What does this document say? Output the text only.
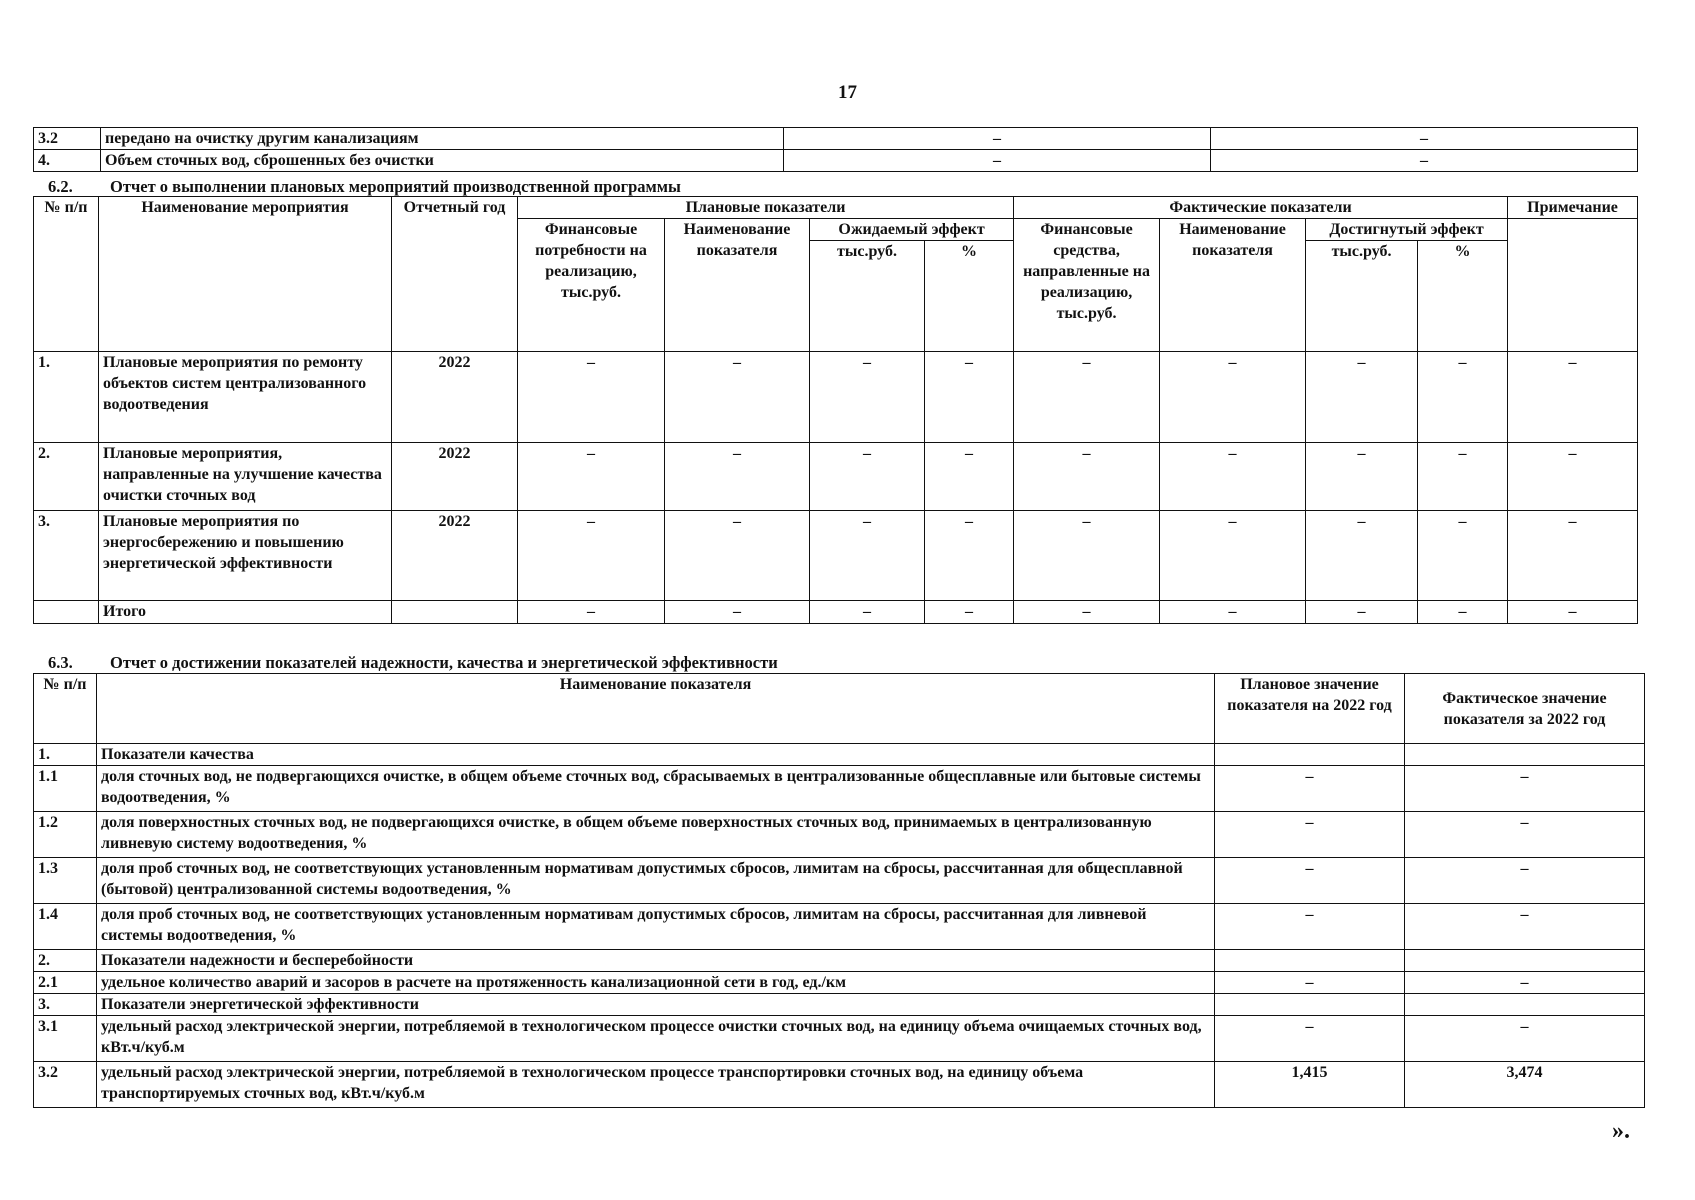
17
3.2	передано на очистку другим канализациям	–	–
4.	Объем сточных вод, сброшенных без очистки	–	–
6.2. Отчет о выполнении плановых мероприятий производственной программы
№ п/п	Наименование мероприятия	Отчетный год	Плановые показатели				Фактические показатели				Примечание
			Финансовые потребности на реализацию, тыс.руб.	Наименование показателя	Ожидаемый эффект		Финансовые средства, направленные на реализацию, тыс.руб.	Наименование показателя	Достигнутый эффект		
					тыс.руб.	%			тыс.руб.	%	
1.	Плановые мероприятия по ремонту объектов систем централизованного водоотведения	2022	–	–	–	–	–	–	–	–	–
2.	Плановые мероприятия, направленные на улучшение качества очистки сточных вод	2022	–	–	–	–	–	–	–	–	–
3.	Плановые мероприятия по энергосбережению и повышению энергетической эффективности	2022	–	–	–	–	–	–	–	–	–
	Итого		–	–	–	–	–	–	–	–	–
6.3. Отчет о достижении показателей надежности, качества и энергетической эффективности
№ п/п	Наименование показателя	Плановое значение показателя на 2022 год	Фактическое значение показателя за 2022 год
1.	Показатели качества		
1.1	доля сточных вод, не подвергающихся очистке, в общем объеме сточных вод, сбрасываемых в централизованные общесплавные или бытовые системы водоотведения, %	–	–
1.2	доля поверхностных сточных вод, не подвергающихся очистке, в общем объеме поверхностных сточных вод, принимаемых в централизованную ливневую систему водоотведения, %	–	–
1.3	доля проб сточных вод, не соответствующих установленным нормативам допустимых сбросов, лимитам на сбросы, рассчитанная для общесплавной (бытовой) централизованной системы водоотведения, %	–	–
1.4	доля проб сточных вод, не соответствующих установленным нормативам допустимых сбросов, лимитам на сбросы, рассчитанная для ливневой системы водоотведения, %	–	–
2.	Показатели надежности и бесперебойности		
2.1	удельное количество аварий и засоров в расчете на протяженность канализационной сети в год, ед./км	–	–
3.	Показатели энергетической эффективности		
3.1	удельный расход электрической энергии, потребляемой в технологическом процессе очистки сточных вод, на единицу объема очищаемых сточных вод, кВт.ч/куб.м	–	–
3.2	удельный расход электрической энергии, потребляемой в технологическом процессе транспортировки сточных вод, на единицу объема транспортируемых сточных вод, кВт.ч/куб.м	1,415	3,474
».
